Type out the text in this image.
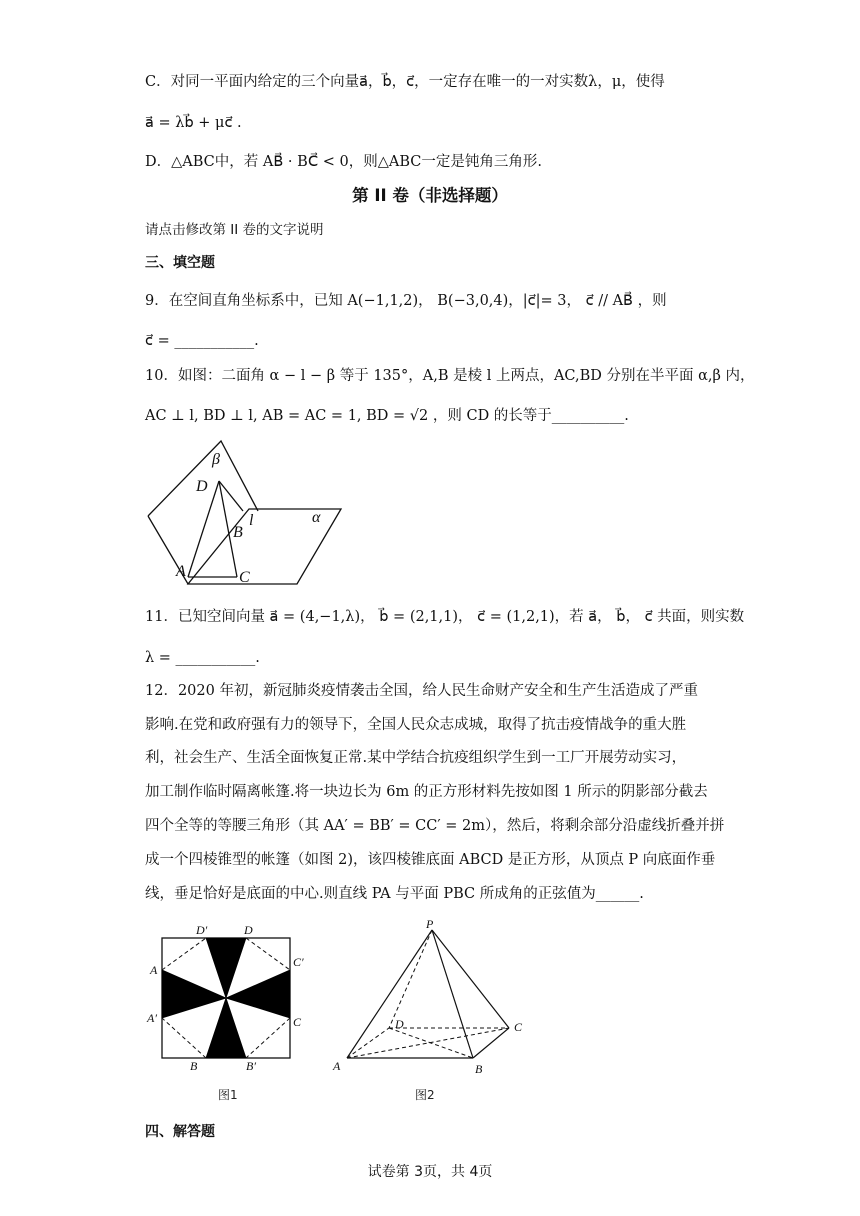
C．对同一平面内给定的三个向量a⃗，b⃗，c⃗，一定存在唯一的一对实数λ，μ，使得
a⃗ = λb⃗ + μc⃗ .
D．△ABC中，若 AB⃗ · BC⃗ < 0，则△ABC一定是钝角三角形.
第 II 卷（非选择题）
请点击修改第 II 卷的文字说明
三、填空题
9．在空间直角坐标系中，已知 A(−1,1,2)， B(−3,0,4)，|c⃗|= 3， c⃗ // AB⃗ ，则
c⃗ = ___________.
10．如图：二面角 α − l − β 等于 135°，A,B 是棱 l 上两点，AC,BD 分别在半平面 α,β 内，
AC ⊥ l, BD ⊥ l, AB = AC = 1, BD = √2 ，则 CD 的长等于__________.
β
D
l	α
B
A	C
11．已知空间向量 a⃗ = (4,−1,λ)， b⃗ = (2,1,1)， c⃗ = (1,2,1)，若 a⃗， b⃗， c⃗ 共面，则实数
λ = ___________.
12．2020 年初，新冠肺炎疫情袭击全国，给人民生命财产安全和生产生活造成了严重
影响.在党和政府强有力的领导下，全国人民众志成城，取得了抗击疫情战争的重大胜
利，社会生产、生活全面恢复正常.某中学结合抗疫组织学生到一工厂开展劳动实习，
加工制作临时隔离帐篷.将一块边长为 6m 的正方形材料先按如图 1 所示的阴影部分截去
四个全等的等腰三角形（其 AA′ = BB′ = CC′ = 2m），然后，将剩余部分沿虚线折叠并拼
成一个四棱锥型的帐篷（如图 2)，该四棱锥底面 ABCD 是正方形，从顶点 P 向底面作垂
线，垂足恰好是底面的中心.则直线 PA 与平面 PBC 所成角的正弦值为______.
D′	D
A
C′
A′	C
B	B′
图1
P
D	C
A	B
图2
四、解答题
试卷第 3页，共 4页
